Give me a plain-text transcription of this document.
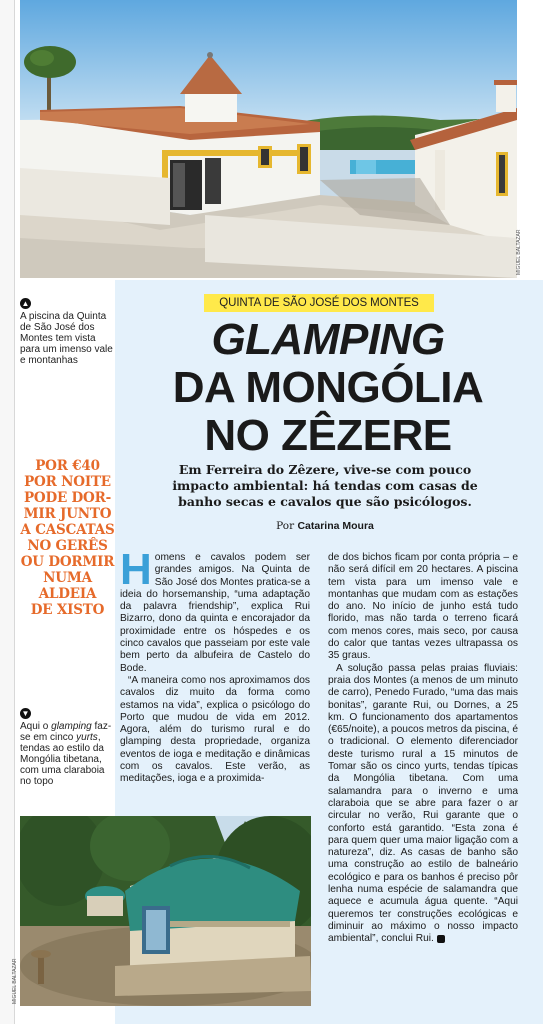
MIGUEL BALTAZAR
▲
A piscina da Quinta de São José dos Montes tem vista para um imenso vale e montanhas
POR €40
POR NOITE
PODE DOR-
MIR JUNTO
A CASCATAS
NO GERÊS
OU DORMIR
NUMA
ALDEIA
DE XISTO
▼
Aqui o glamping faz-se em cinco yurts, tendas ao estilo da Mongólia tibetana, com uma claraboia no topo
QUINTA DE SÃO JOSÉ DOS MONTES
GLAMPING
DA MONGÓLIA
NO ZÊZERE
Em Ferreira do Zêzere, vive-se com pouco impacto ambiental: há tendas com casas de banho secas e cavalos que são psicólogos.
Por Catarina Moura

Homens e cavalos podem ser grandes amigos. Na Quinta de São José dos Montes pratica-se a ideia do horsemanship, “uma adaptação da palavra friendship”, explica Rui Bizarro, dono da quinta e encorajador da proximidade entre os hóspedes e os cinco cavalos que passeiam por este vale bem perto da albufeira de Castelo do Bode.

“A maneira como nos aproximamos dos cavalos diz muito da forma como estamos na vida”, explica o psicólogo do Porto que mudou de vida em 2012. Agora, além do turismo rural e do glamping desta propriedade, organiza eventos de ioga e meditação e dinâmicas com os cavalos. Este verão, as meditações, ioga e a proximida-

de dos bichos ficam por conta própria – e não será difícil em 20 hectares. A piscina tem vista para um imenso vale e montanhas que mudam com as estações do ano. No início de junho está tudo florido, mas não tarda o terreno ficará com menos cores, mais seco, por causa do calor que tantas vezes ultrapassa os 35 graus.

A solução passa pelas praias fluviais: praia dos Montes (a menos de um minuto de carro), Penedo Furado, “uma das mais bonitas”, garante Rui, ou Dornes, a 25 km. O funcionamento dos apartamentos (€65/noite), a poucos metros da piscina, é o tradicional. O elemento diferenciador deste turismo rural a 15 minutos de Tomar são os cinco yurts, tendas típicas da Mongólia tibetana. Com uma salamandra para o inverno e uma claraboia que se abre para fazer o ar circular no verão, Rui garante que o conforto está garantido. “Esta zona é para quem quer uma maior ligação com a natureza”, diz. As casas de banho são uma construção ao estilo de balneário ecológico e para os banhos é preciso pôr lenha numa espécie de salamandra que aquece e acumula água quente. “Aqui queremos ter construções ecológicas e diminuir ao máximo o nosso impacto ambiental”, conclui Rui.

MIGUEL BALTAZAR
